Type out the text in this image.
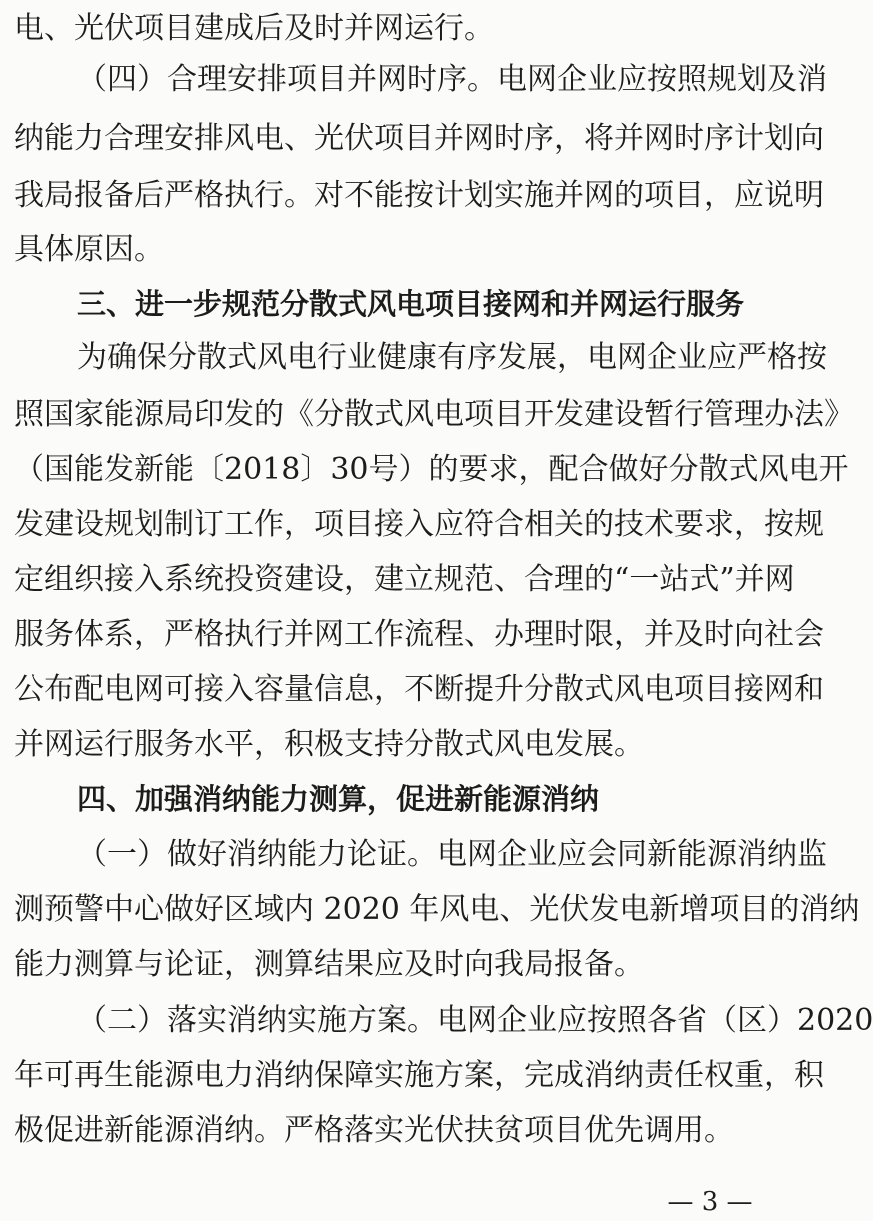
电、光伏项目建成后及时并网运行。
（四）合理安排项目并网时序。电网企业应按照规划及消
纳能力合理安排风电、光伏项目并网时序，将并网时序计划向
我局报备后严格执行。对不能按计划实施并网的项目，应说明
具体原因。
三、进一步规范分散式风电项目接网和并网运行服务
为确保分散式风电行业健康有序发展，电网企业应严格按
照国家能源局印发的《分散式风电项目开发建设暂行管理办法》
（国能发新能〔2018〕30号）的要求，配合做好分散式风电开
发建设规划制订工作，项目接入应符合相关的技术要求，按规
定组织接入系统投资建设，建立规范、合理的“一站式”并网
服务体系，严格执行并网工作流程、办理时限，并及时向社会
公布配电网可接入容量信息，不断提升分散式风电项目接网和
并网运行服务水平，积极支持分散式风电发展。
四、加强消纳能力测算，促进新能源消纳
（一）做好消纳能力论证。电网企业应会同新能源消纳监
测预警中心做好区域内 2020 年风电、光伏发电新增项目的消纳
能力测算与论证，测算结果应及时向我局报备。
（二）落实消纳实施方案。电网企业应按照各省（区）2020
年可再生能源电力消纳保障实施方案，完成消纳责任权重，积
极促进新能源消纳。严格落实光伏扶贫项目优先调用。
— 3 —
